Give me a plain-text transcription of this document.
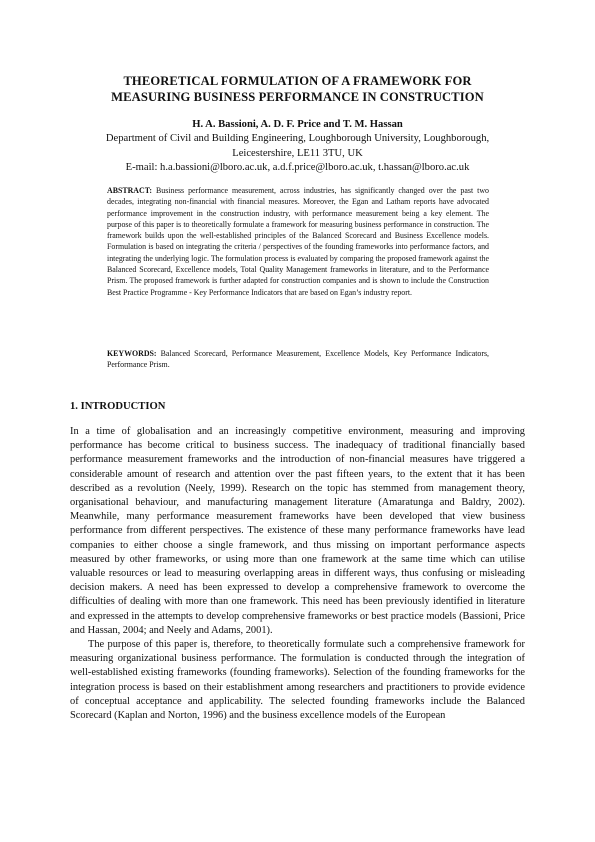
THEORETICAL FORMULATION OF A FRAMEWORK FOR
MEASURING BUSINESS PERFORMANCE IN CONSTRUCTION
H. A. Bassioni, A. D. F. Price and T. M. Hassan
Department of Civil and Building Engineering, Loughborough University, Loughborough,
Leicestershire, LE11 3TU, UK
E-mail: h.a.bassioni@lboro.ac.uk, a.d.f.price@lboro.ac.uk, t.hassan@lboro.ac.uk
ABSTRACT: Business performance measurement, across industries, has significantly changed over the past two decades, integrating non-financial with financial measures. Moreover, the Egan and Latham reports have advocated performance improvement in the construction industry, with performance measurement being a key element. The purpose of this paper is to theoretically formulate a framework for measuring business performance in construction. The framework builds upon the well-established principles of the Balanced Scorecard and Business Excellence models. Formulation is based on integrating the criteria / perspectives of the founding frameworks into performance factors, and integrating the underlying logic. The formulation process is evaluated by comparing the proposed framework against the Balanced Scorecard, Excellence models, Total Quality Management frameworks in literature, and to the Performance Prism. The proposed framework is further adapted for construction companies and is shown to include the Construction Best Practice Programme - Key Performance Indicators that are based on Egan’s industry report.
KEYWORDS: Balanced Scorecard, Performance Measurement, Excellence Models, Key Performance Indicators, Performance Prism.
1. INTRODUCTION

In a time of globalisation and an increasingly competitive environment, measuring and improving performance has become critical to business success. The inadequacy of traditional financially based performance measurement frameworks and the introduction of non-financial measures have triggered a considerable amount of research and attention over the past fifteen years, to the extent that it has been described as a revolution (Neely, 1999). Research on the topic has stemmed from management theory, organisational behaviour, and manufacturing management literature (Amaratunga and Baldry, 2002). Meanwhile, many performance measurement frameworks have been developed that view business performance from different perspectives. The existence of these many performance frameworks have lead companies to either choose a single framework, and thus missing on important performance aspects measured by other frameworks, or using more than one framework at the same time which can utilise valuable resources or lead to measuring overlapping areas in different ways, thus confusing or misleading decision makers. A need has been expressed to develop a comprehensive framework to overcome the difficulties of dealing with more than one framework. This need has been previously identified in literature and expressed in the attempts to develop comprehensive frameworks or best practice models (Bassioni, Price and Hassan, 2004; and Neely and Adams, 2001).

The purpose of this paper is, therefore, to theoretically formulate such a comprehensive framework for measuring organizational business performance. The formulation is conducted through the integration of well-established existing frameworks (founding frameworks). Selection of the founding frameworks for the integration process is based on their establishment among researchers and practitioners to provide evidence of conceptual acceptance and applicability. The selected founding frameworks include the Balanced Scorecard (Kaplan and Norton, 1996) and the business excellence models of the European
